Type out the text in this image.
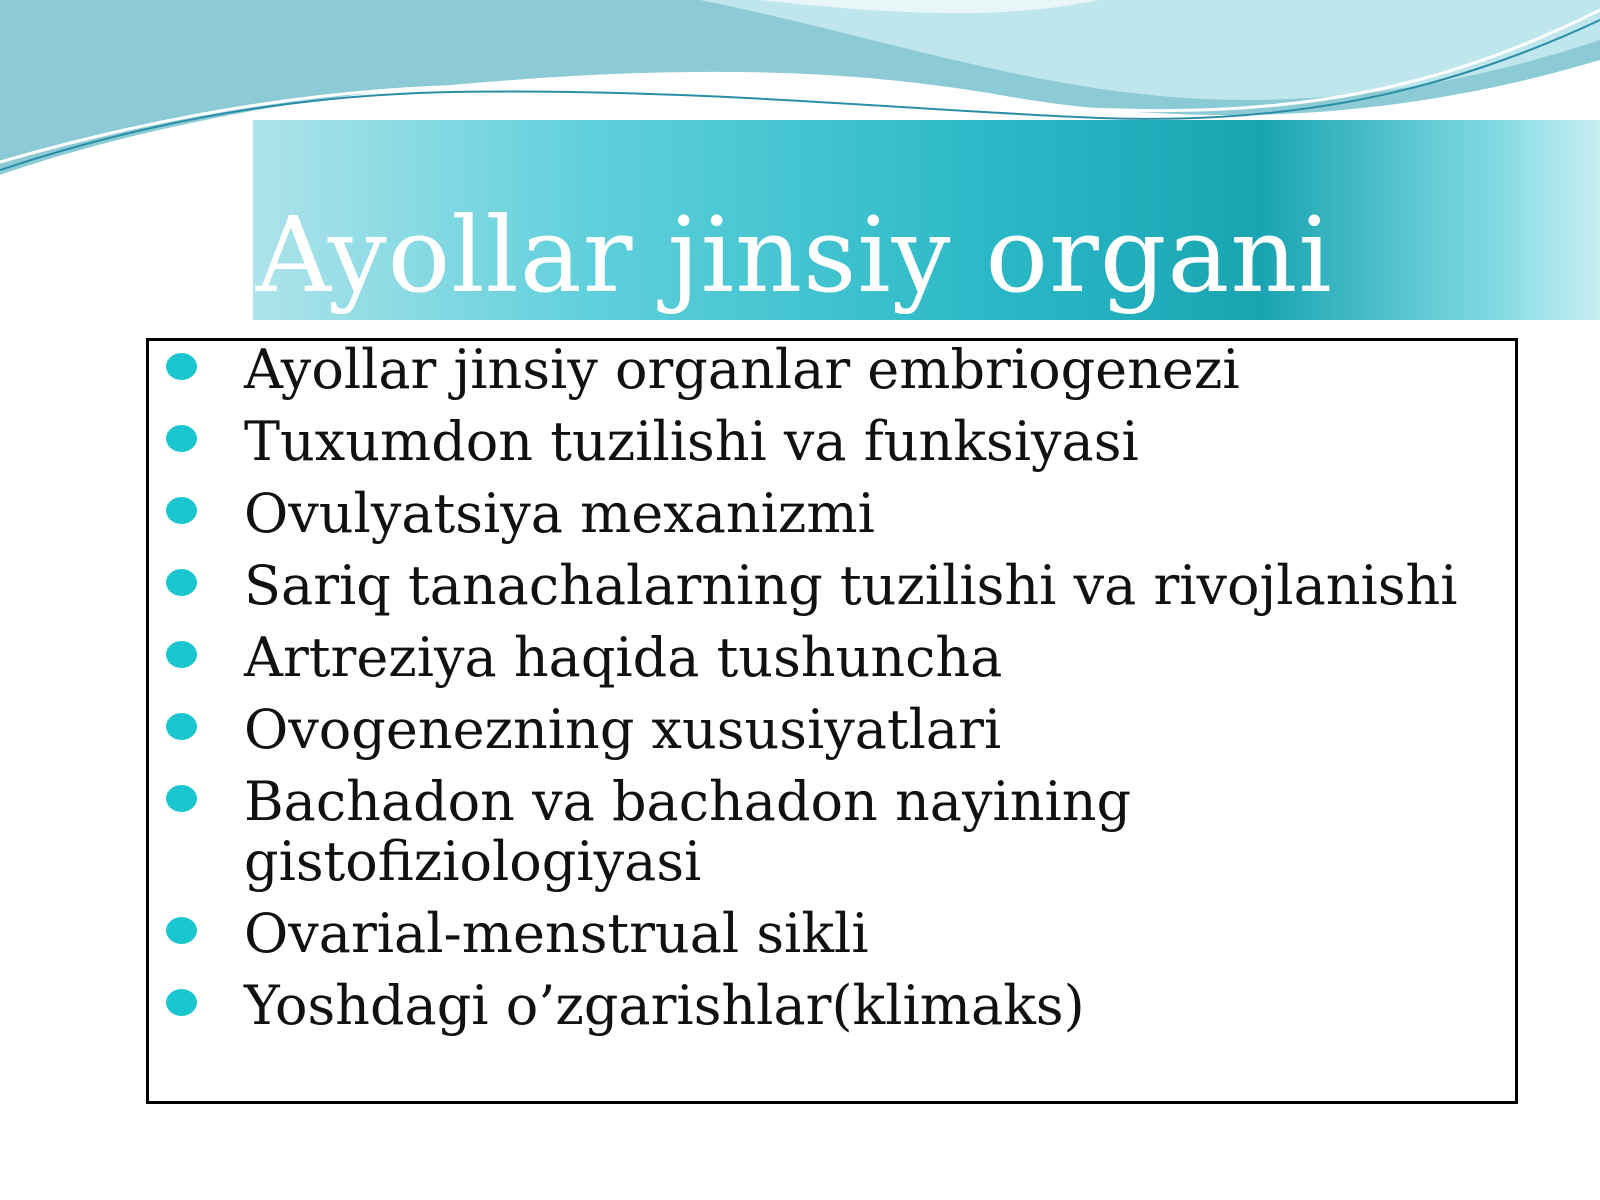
Ayollar jinsiy organi
Ayollar jinsiy organlar embriogenezi
Tuxumdon tuzilishi va funksiyasi
Ovulyatsiya mexanizmi
Sariq tanachalarning tuzilishi va rivojlanishi
Artreziya haqida tushuncha
Ovogenezning xususiyatlari
Bachadon va bachadon nayining gistofiziologiyasi
Ovarial-menstrual sikli
Yoshdagi o’zgarishlar(klimaks)
